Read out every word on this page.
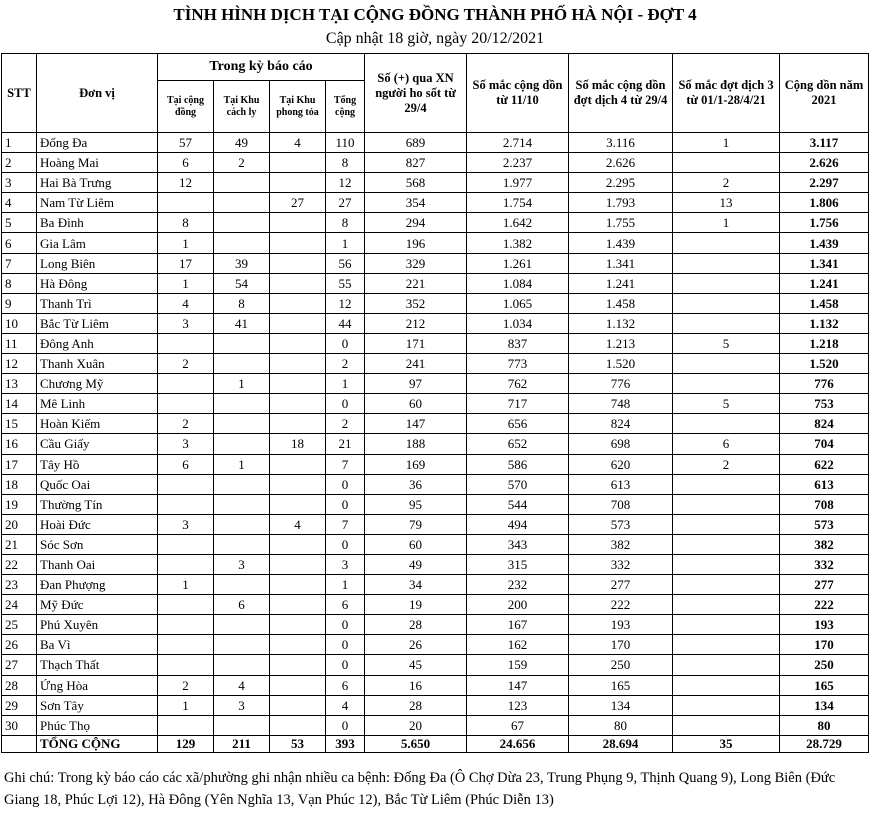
TÌNH HÌNH DỊCH TẠI CỘNG ĐỒNG THÀNH PHỐ HÀ NỘI - ĐỢT 4
Cập nhật 18 giờ, ngày 20/12/2021
STT	Đơn vị	Trong kỳ báo cáo				Số (+) qua XN người ho sốt từ 29/4	Số mắc cộng dồn từ 11/10	Số mắc cộng dồn đợt dịch 4 từ 29/4	Số mắc đợt dịch 3 từ 01/1-28/4/21	Cộng dồn năm 2021
		Tại cộng đồng	Tại Khu cách ly	Tại Khu phong tỏa	Tổng cộng					
1	Đống Đa	57	49	4	110	689	2.714	3.116	1	3.117
2	Hoàng Mai	6	2		8	827	2.237	2.626		2.626
3	Hai Bà Trưng	12			12	568	1.977	2.295	2	2.297
4	Nam Từ Liêm			27	27	354	1.754	1.793	13	1.806
5	Ba Đình	8			8	294	1.642	1.755	1	1.756
6	Gia Lâm	1			1	196	1.382	1.439		1.439
7	Long Biên	17	39		56	329	1.261	1.341		1.341
8	Hà Đông	1	54		55	221	1.084	1.241		1.241
9	Thanh Trì	4	8		12	352	1.065	1.458		1.458
10	Bắc Từ Liêm	3	41		44	212	1.034	1.132		1.132
11	Đông Anh				0	171	837	1.213	5	1.218
12	Thanh Xuân	2			2	241	773	1.520		1.520
13	Chương Mỹ		1		1	97	762	776		776
14	Mê Linh				0	60	717	748	5	753
15	Hoàn Kiếm	2			2	147	656	824		824
16	Cầu Giấy	3		18	21	188	652	698	6	704
17	Tây Hồ	6	1		7	169	586	620	2	622
18	Quốc Oai				0	36	570	613		613
19	Thường Tín				0	95	544	708		708
20	Hoài Đức	3		4	7	79	494	573		573
21	Sóc Sơn				0	60	343	382		382
22	Thanh Oai		3		3	49	315	332		332
23	Đan Phượng	1			1	34	232	277		277
24	Mỹ Đức		6		6	19	200	222		222
25	Phú Xuyên				0	28	167	193		193
26	Ba Vì				0	26	162	170		170
27	Thạch Thất				0	45	159	250		250
28	Ứng Hòa	2	4		6	16	147	165		165
29	Sơn Tây	1	3		4	28	123	134		134
30	Phúc Thọ				0	20	67	80		80
	TỔNG CỘNG	129	211	53	393	5.650	24.656	28.694	35	28.729
Ghi chú: Trong kỳ báo cáo các xã/phường ghi nhận nhiều ca bệnh: Đống Đa (Ô Chợ Dừa 23, Trung Phụng 9, Thịnh Quang 9), Long Biên (Đức Giang 18, Phúc Lợi 12), Hà Đông (Yên Nghĩa 13, Vạn Phúc 12), Bắc Từ Liêm (Phúc Diễn 13)
